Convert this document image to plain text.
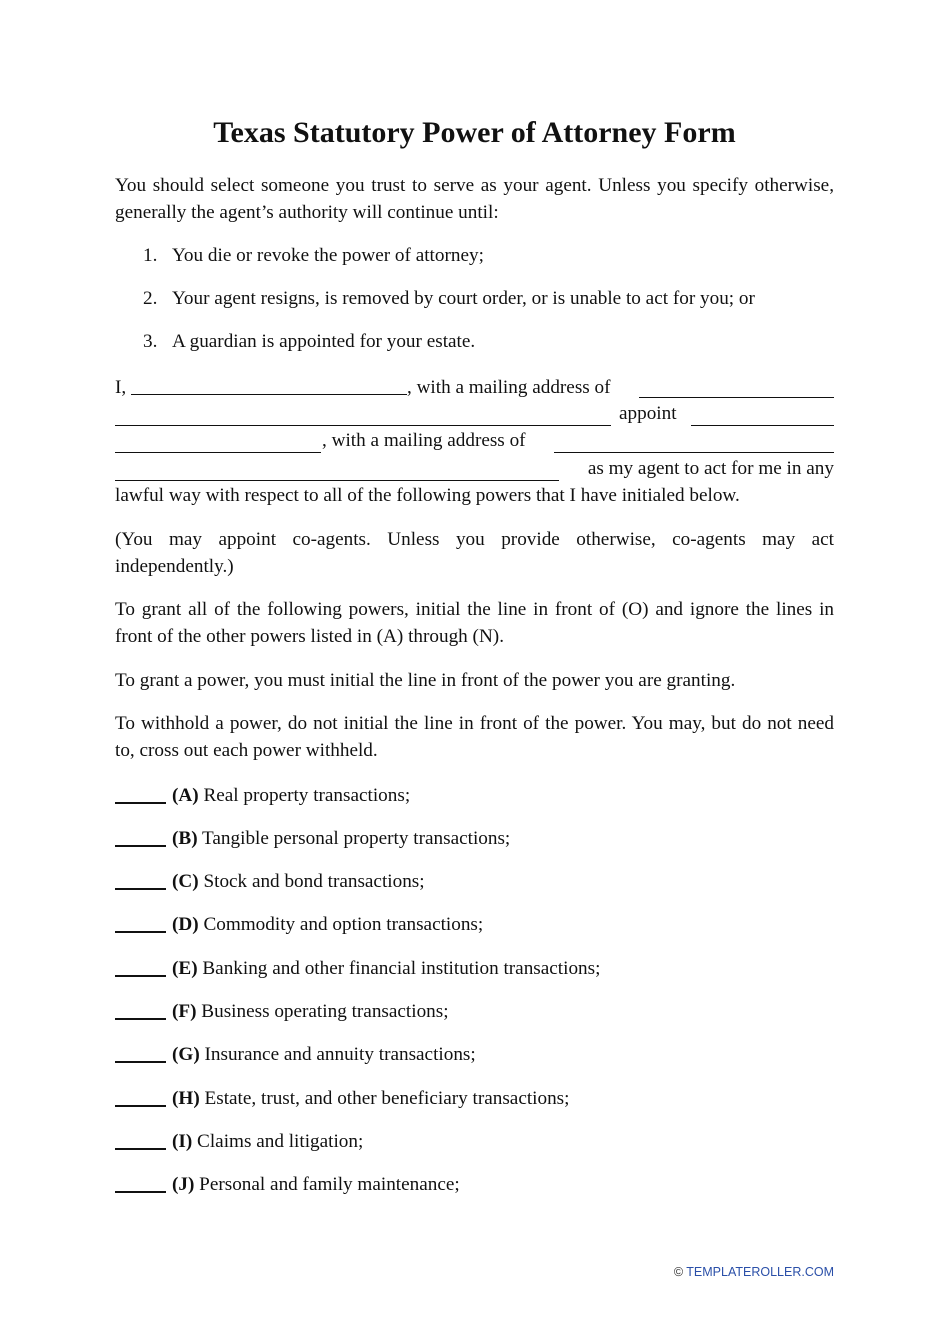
Texas Statutory Power of Attorney Form

You should select someone you trust to serve as your agent. Unless you specify otherwise, generally the agent’s authority will continue until:

1. You die or revoke the power of attorney;

2. Your agent resigns, is removed by court order, or is unable to act for you; or

3. A guardian is appointed for your estate.

I,	, with a mailing address of
appoint
, with a mailing address of
as my agent to act for me in any
lawful way with respect to all of the following powers that I have initialed below.

(You may appoint co-agents. Unless you provide otherwise, co-agents may act independently.)

To grant all of the following powers, initial the line in front of (O) and ignore the lines in front of the other powers listed in (A) through (N).

To grant a power, you must initial the line in front of the power you are granting.

To withhold a power, do not initial the line in front of the power. You may, but do not need to, cross out each power withheld.

(A) Real property transactions;
(B) Tangible personal property transactions;
(C) Stock and bond transactions;
(D) Commodity and option transactions;
(E) Banking and other financial institution transactions;
(F) Business operating transactions;
(G) Insurance and annuity transactions;
(H) Estate, trust, and other beneficiary transactions;
(I) Claims and litigation;
(J) Personal and family maintenance;
© TEMPLATEROLLER.COM
